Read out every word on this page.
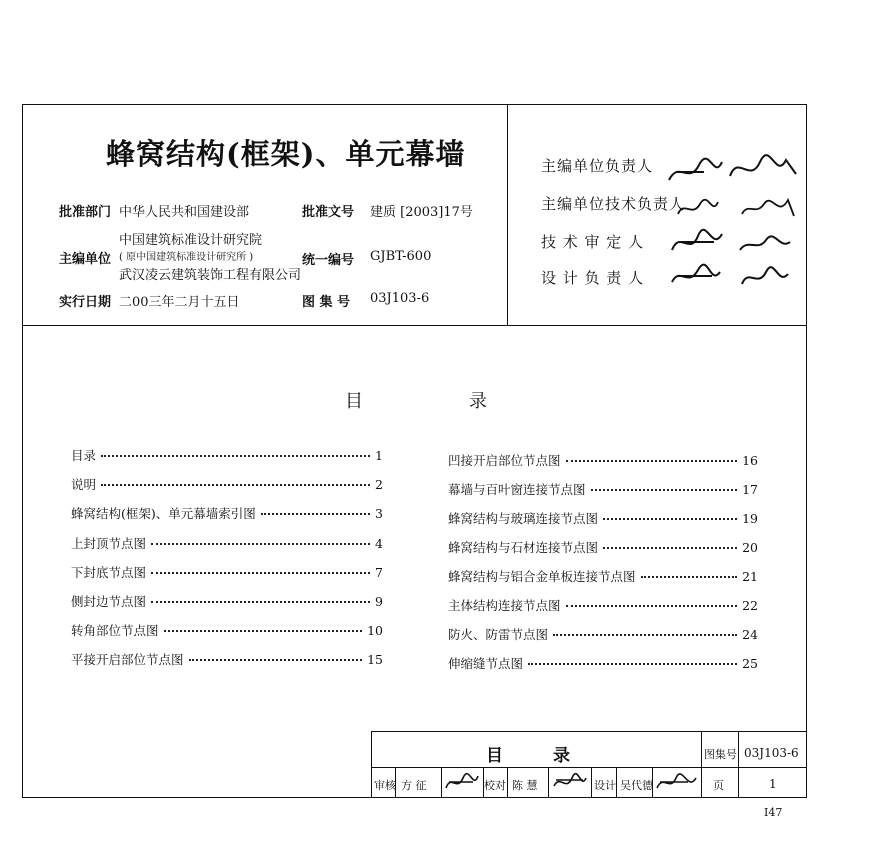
蜂窝结构(框架)、单元幕墙
批准部门 中华人民共和国建设部	批准文号 建质 [2003]17号
主编单位
中国建筑标准设计研究院
( 原中国建筑标准设计研究所 )
武汉凌云建筑装饰工程有限公司
统一编号 GJBT-600
实行日期 二00三年二月十五日	图 集 号 03J103-6
主编单位负责人
主编单位技术负责人
技 术 审 定 人
设 计 负 责 人
目	录
目录	1
说明	2
蜂窝结构(框架)、单元幕墙索引图	3
上封顶节点图	4
下封底节点图	7
侧封边节点图	9
转角部位节点图	10
平接开启部位节点图	15
凹接开启部位节点图	16
幕墙与百叶窗连接节点图	17
蜂窝结构与玻璃连接节点图	19
蜂窝结构与石材连接节点图	20
蜂窝结构与铝合金单板连接节点图	21
主体结构连接节点图	22
防火、防雷节点图	24
伸缩缝节点图	25
目	录	图集号 03J103-6
审核 方 征	校对 陈 慧	设计 吴代德	页	1
I47
